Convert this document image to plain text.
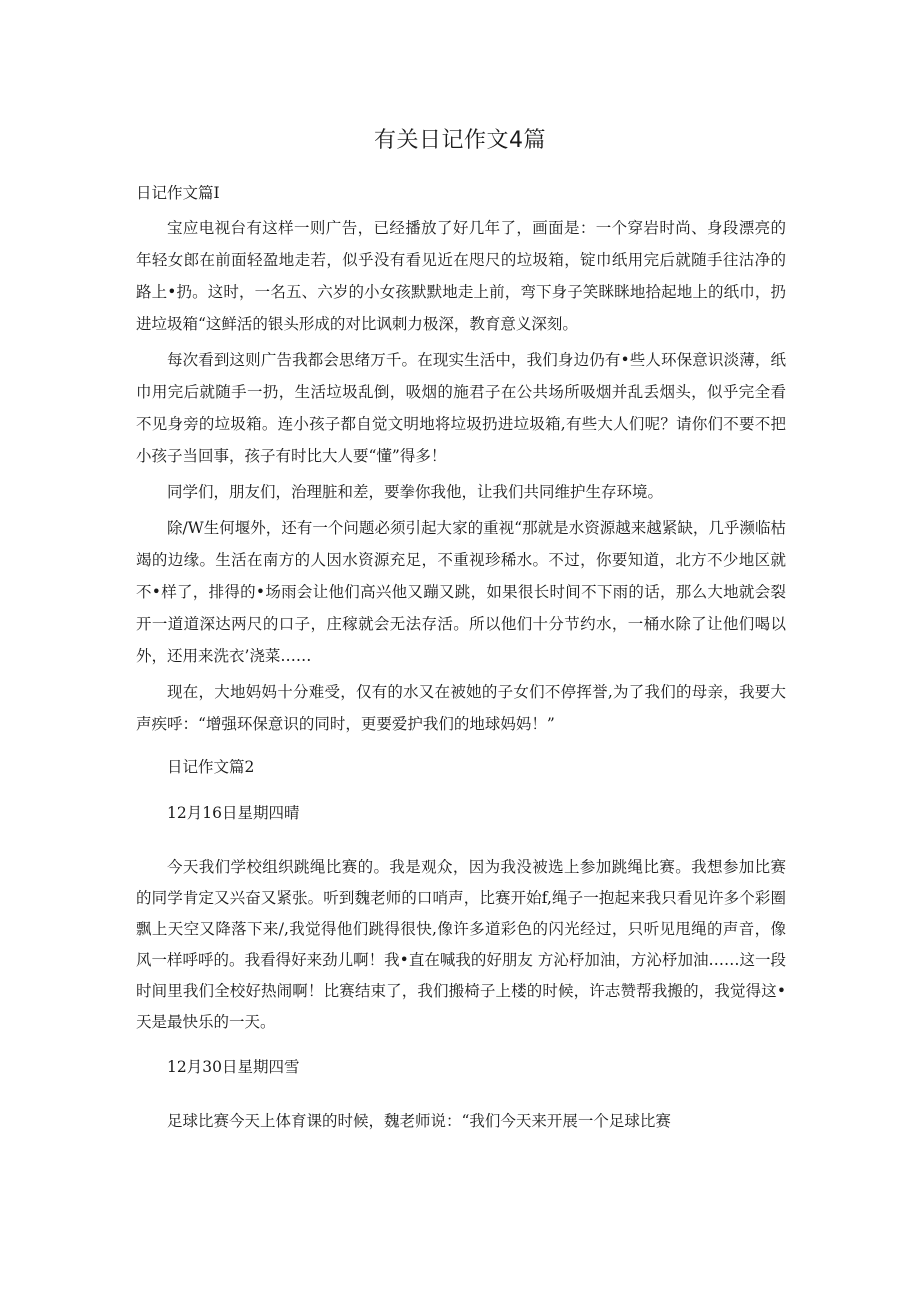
有关日记作文4篇

日记作文篇I

宝应电视台有这样一则广告，已经播放了好几年了，画面是：一个穿岩时尚、身段漂亮的年轻女郎在前面轻盈地走若，似乎没有看见近在咫尺的垃圾箱，锭巾纸用完后就随手往沽净的路上•扔。这时，一名五、六岁的小女孩默默地走上前，弯下身子笑眯眯地拾起地上的纸巾，扔进垃圾箱“这鲜活的银头形成的对比讽刺力极深，教育意义深刻。

每次看到这则广告我都会思绪万千。在现实生活中，我们身边仍有•些人环保意识淡薄，纸巾用完后就随手一扔，生活垃圾乱倒，吸烟的施君子在公共场所吸烟并乱丢烟头，似乎完全看不见身旁的垃圾箱。连小孩子都自觉文明地将垃圾扔进垃圾箱,有些大人们呢？请你们不要不把小孩子当回事，孩子有时比大人要“懂”得多！

同学们，朋友们，治理脏和差，要拳你我他，让我们共同维护生存环境。

除/W生何堰外，还有一个问题必须引起大家的重视“那就是水资源越来越紧缺，几乎濒临枯竭的边缘。生活在南方的人因水资源充足，不重视珍稀水。不过，你要知道，北方不少地区就不•样了，排得的•场雨会让他们高兴他又蹦又跳，如果很长时间不下雨的话，那么大地就会裂开一道道深达两尺的口子，庄稼就会无法存活。所以他们十分节约水，一桶水除了让他们喝以外，还用来洗衣’浇菜……

现在，大地妈妈十分难受，仅有的水又在被她的子女们不停挥誉,为了我们的母亲，我要大声疾呼：“增强环保意识的同时，更要爱护我们的地球妈妈！”

日记作文篇2

12月16日星期四晴

今天我们学校组织跳绳比赛的。我是观众，因为我没被选上参加跳绳比赛。我想参加比赛的同学肯定又兴奋又紧张。听到魏老师的口哨声，比赛开始f,绳子一抱起来我只看见许多个彩圈飘上天空又降落下来/,我觉得他们跳得很快,像许多道彩色的闪光经过，只听见甩绳的声音，像风一样呼呼的。我看得好来劲儿啊！我•直在喊我的好朋友 方沁杼加油，方沁杼加油……这一段时间里我们全校好热闹啊！比赛结束了，我们搬椅子上楼的时候，许志赞帮我搬的，我觉得这•天是最快乐的一天。

12月30日星期四雪

足球比赛今天上体育课的时候，魏老师说：“我们今天来开展一个足球比赛
